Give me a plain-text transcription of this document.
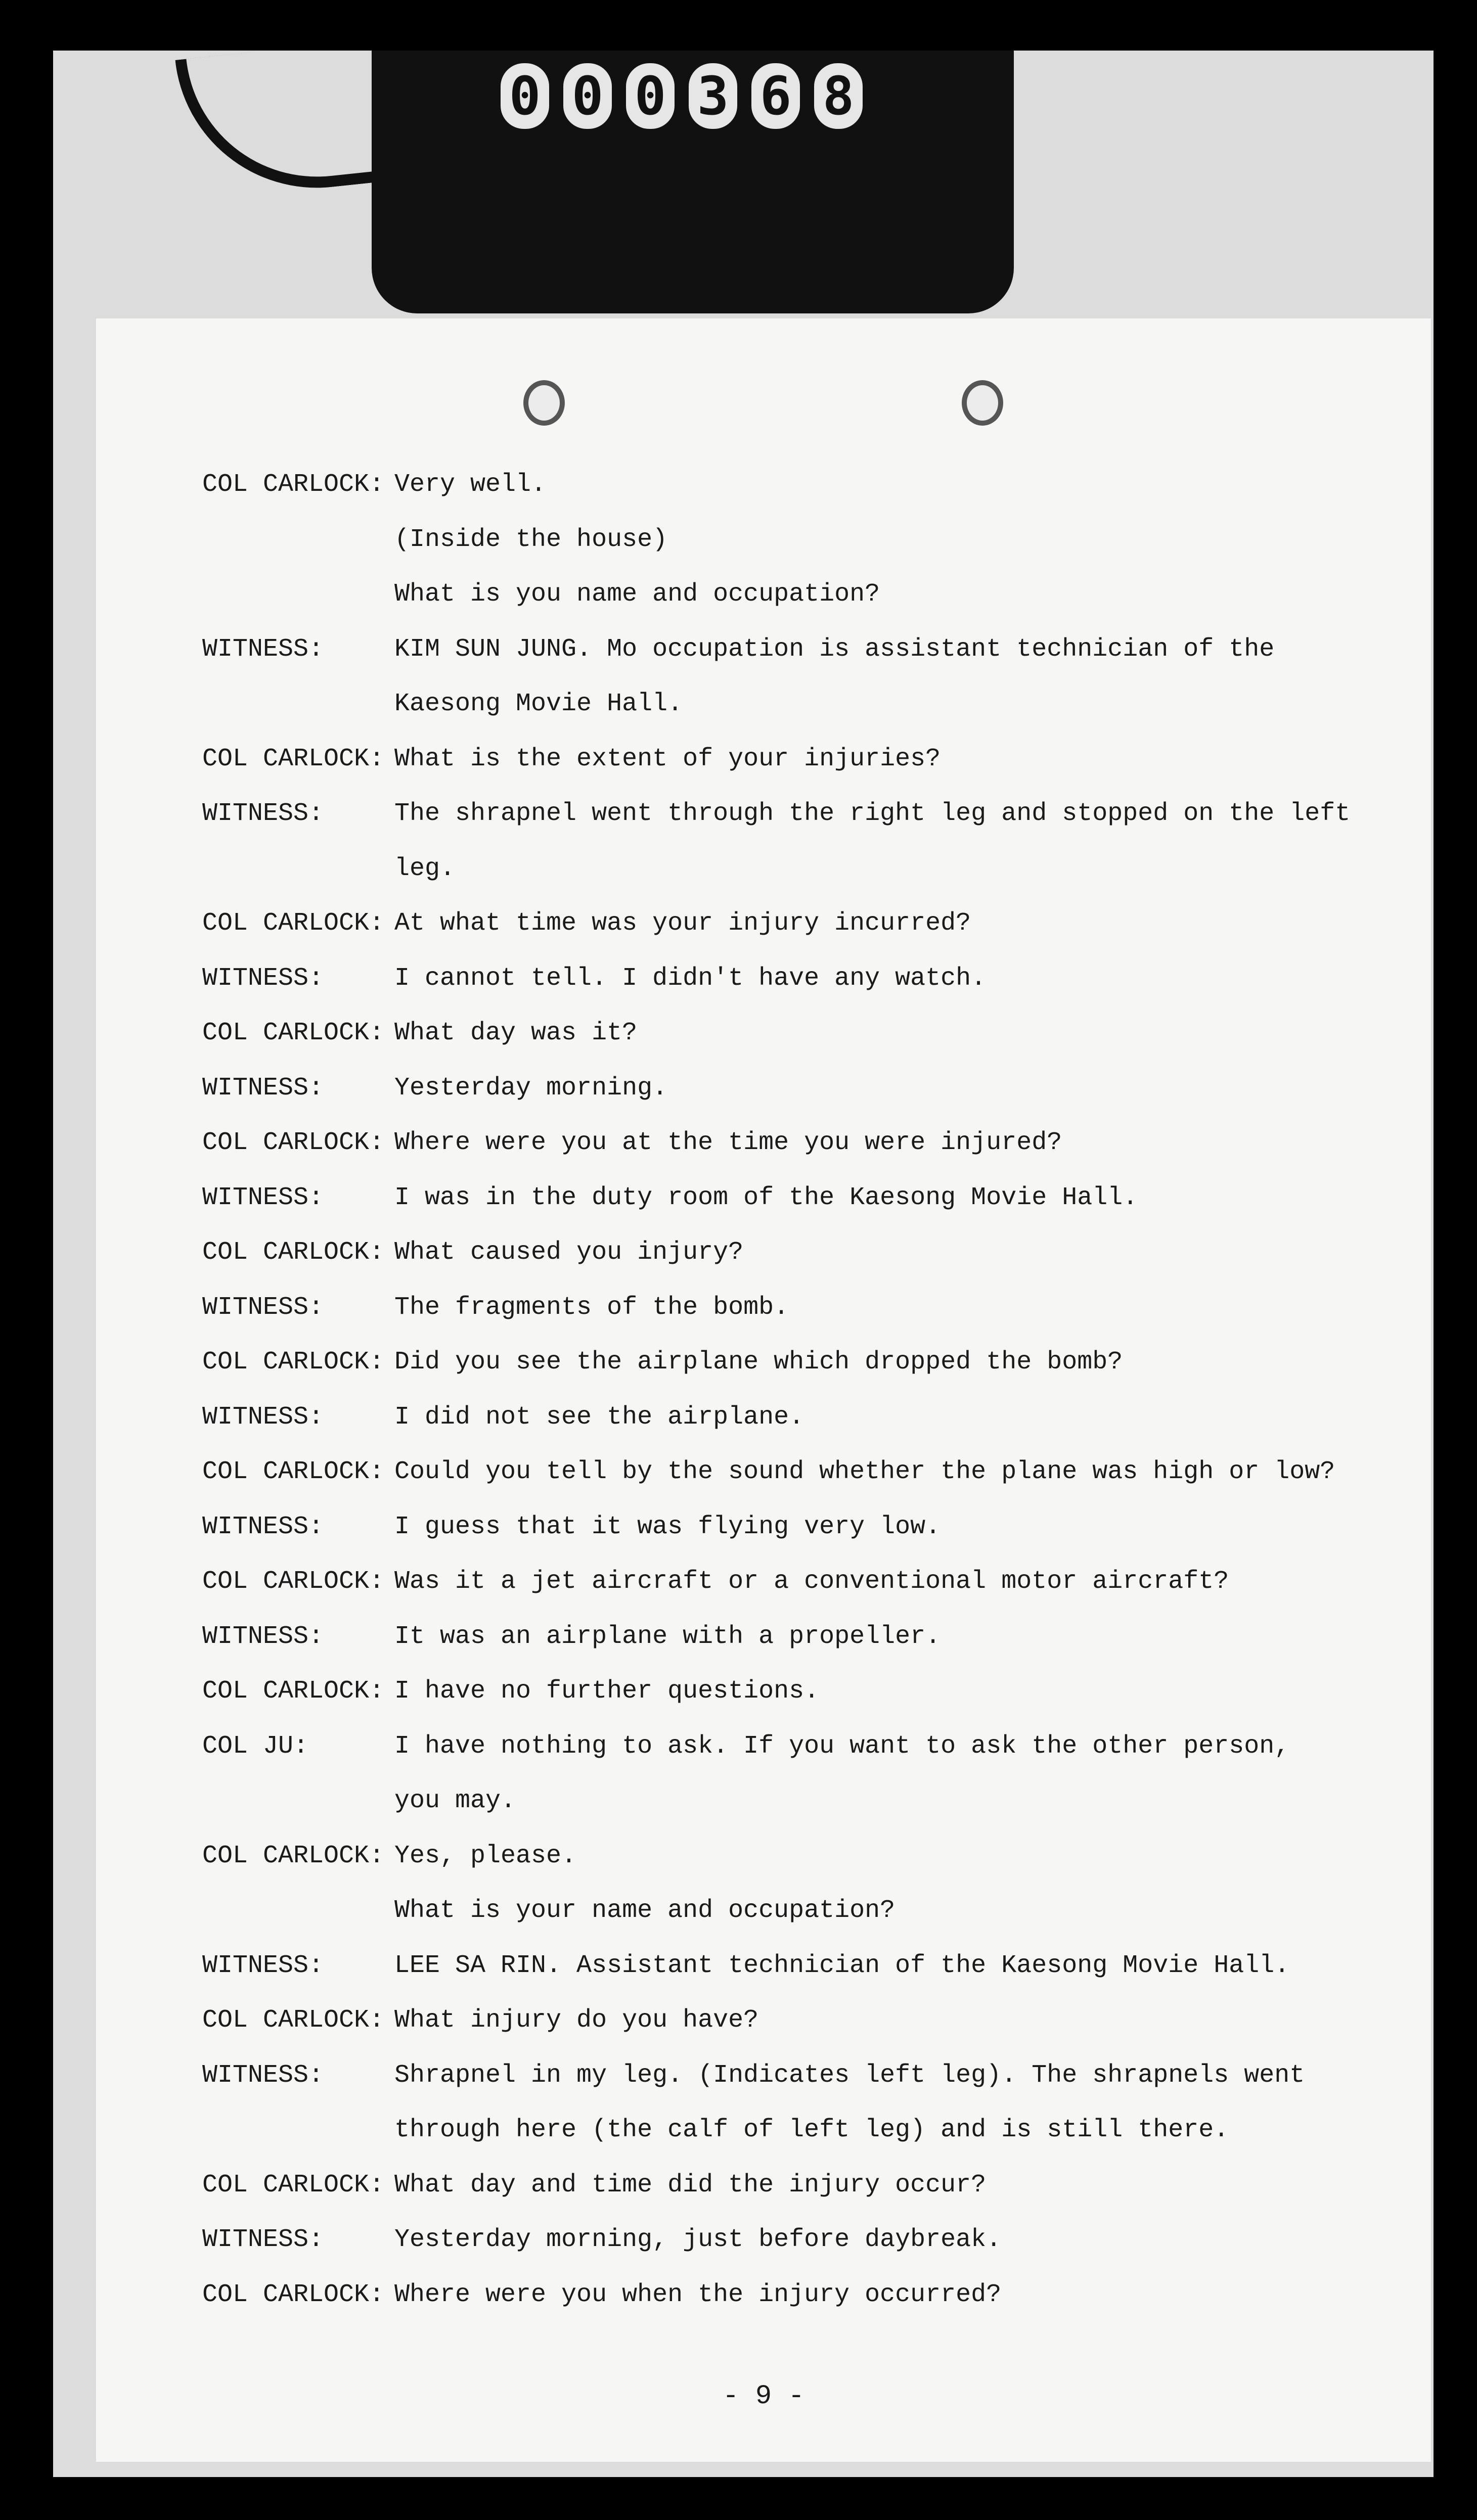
0 0 0 3 6 8
COL CARLOCK: Very well.
(Inside the house)
What is you name and occupation?
WITNESS:	KIM SUN JUNG. Mo occupation is assistant technician of the
Kaesong Movie Hall.
COL CARLOCK: What is the extent of your injuries?
WITNESS:	The shrapnel went through the right leg and stopped on the left
leg.
COL CARLOCK: At what time was your injury incurred?
WITNESS:	I cannot tell. I didn't have any watch.
COL CARLOCK: What day was it?
WITNESS:	Yesterday morning.
COL CARLOCK: Where were you at the time you were injured?
WITNESS:	I was in the duty room of the Kaesong Movie Hall.
COL CARLOCK: What caused you injury?
WITNESS:	The fragments of the bomb.
COL CARLOCK: Did you see the airplane which dropped the bomb?
WITNESS:	I did not see the airplane.
COL CARLOCK: Could you tell by the sound whether the plane was high or low?
WITNESS:	I guess that it was flying very low.
COL CARLOCK: Was it a jet aircraft or a conventional motor aircraft?
WITNESS:	It was an airplane with a propeller.
COL CARLOCK: I have no further questions.
COL JU:	I have nothing to ask. If you want to ask the other person,
you may.
COL CARLOCK: Yes, please.
What is your name and occupation?
WITNESS:	LEE SA RIN. Assistant technician of the Kaesong Movie Hall.
COL CARLOCK: What injury do you have?
WITNESS:	Shrapnel in my leg. (Indicates left leg). The shrapnels went
through here (the calf of left leg) and is still there.
COL CARLOCK: What day and time did the injury occur?
WITNESS:	Yesterday morning, just before daybreak.
COL CARLOCK: Where were you when the injury occurred?
- 9 -
